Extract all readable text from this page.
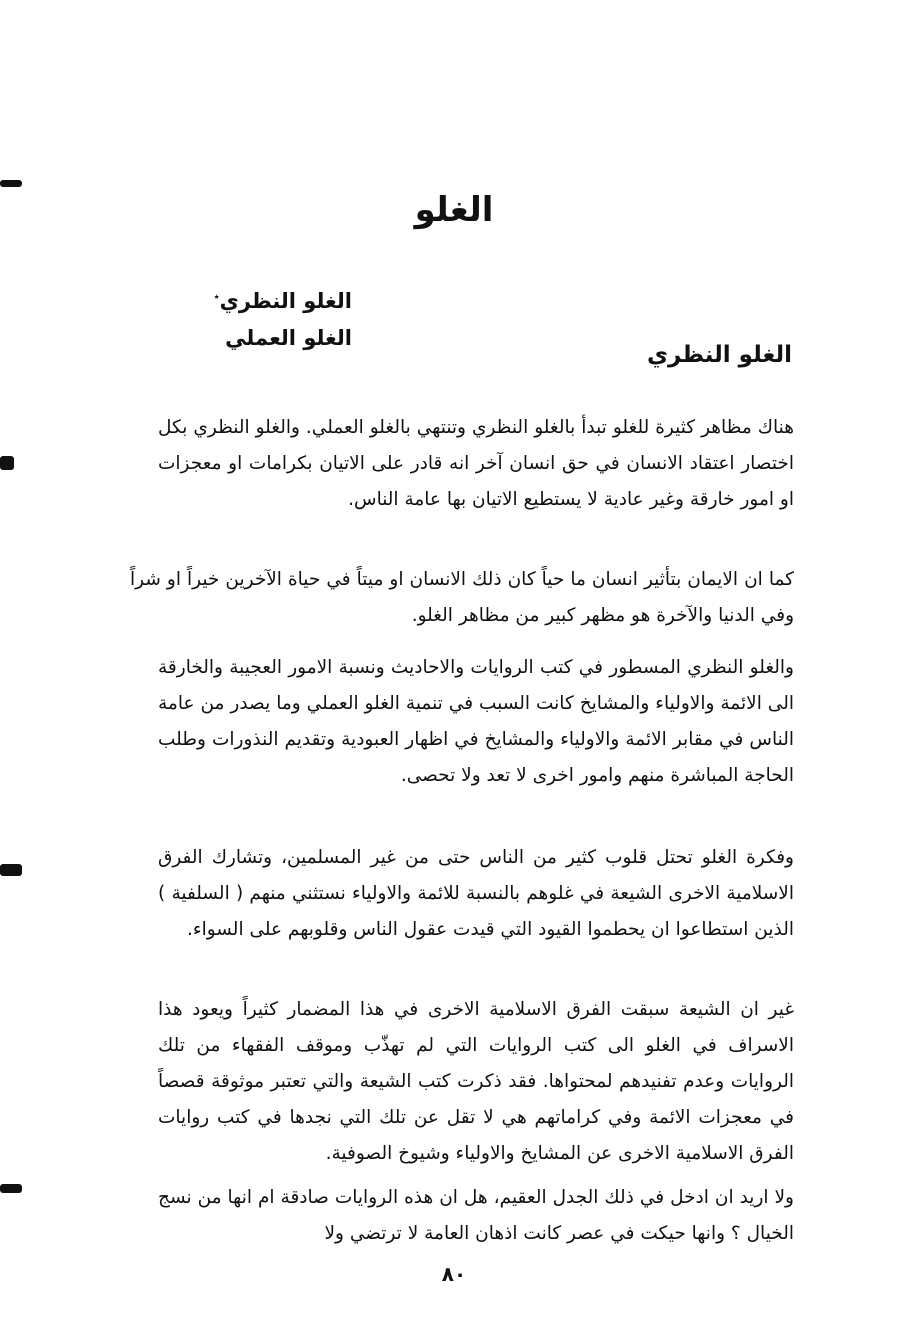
الغلو
الغلو النظري٭
الغلو العملي
الغلو النظري

هناك مظاهر كثيرة للغلو تبدأ بالغلو النظري وتنتهي بالغلو العملي. والغلو النظري بكل اختصار اعتقاد الانسان في حق انسان آخر انه قادر على الاتيان بكرامات او معجزات او امور خارقة وغير عادية لا يستطيع الاتيان بها عامة الناس.

كما ان الايمان بتأثير انسان ما حياً كان ذلك الانسان او ميتاً في حياة الآخرين خيراً او شراً وفي الدنيا والآخرة هو مظهر كبير من مظاهر الغلو.

والغلو النظري المسطور في كتب الروايات والاحاديث ونسبة الامور العجيبة والخارقة الى الائمة والاولياء والمشايخ كانت السبب في تنمية الغلو العملي وما يصدر من عامة الناس في مقابر الائمة والاولياء والمشايخ في اظهار العبودية وتقديم النذورات وطلب الحاجة المباشرة منهم وامور اخرى لا تعد ولا تحصى.

وفكرة الغلو تحتل قلوب كثير من الناس حتى من غير المسلمين، وتشارك الفرق الاسلامية الاخرى الشيعة في غلوهم بالنسبة للائمة والاولياء نستثني منهم ( السلفية ) الذين استطاعوا ان يحطموا القيود التي قيدت عقول الناس وقلوبهم على السواء.

غير ان الشيعة سبقت الفرق الاسلامية الاخرى في هذا المضمار كثيراً ويعود هذا الاسراف في الغلو الى كتب الروايات التي لم تهذّب وموقف الفقهاء من تلك الروايات وعدم تفنيدهم لمحتواها. فقد ذكرت كتب الشيعة والتي تعتبر موثوقة قصصاً في معجزات الائمة وفي كراماتهم هي لا تقل عن تلك التي نجدها في كتب روايات الفرق الاسلامية الاخرى عن المشايخ والاولياء وشيوخ الصوفية.

ولا اريد ان ادخل في ذلك الجدل العقيم، هل ان هذه الروايات صادقة ام انها من نسج الخيال ؟ وانها حيكت في عصر كانت اذهان العامة لا ترتضي ولا

٨٠
